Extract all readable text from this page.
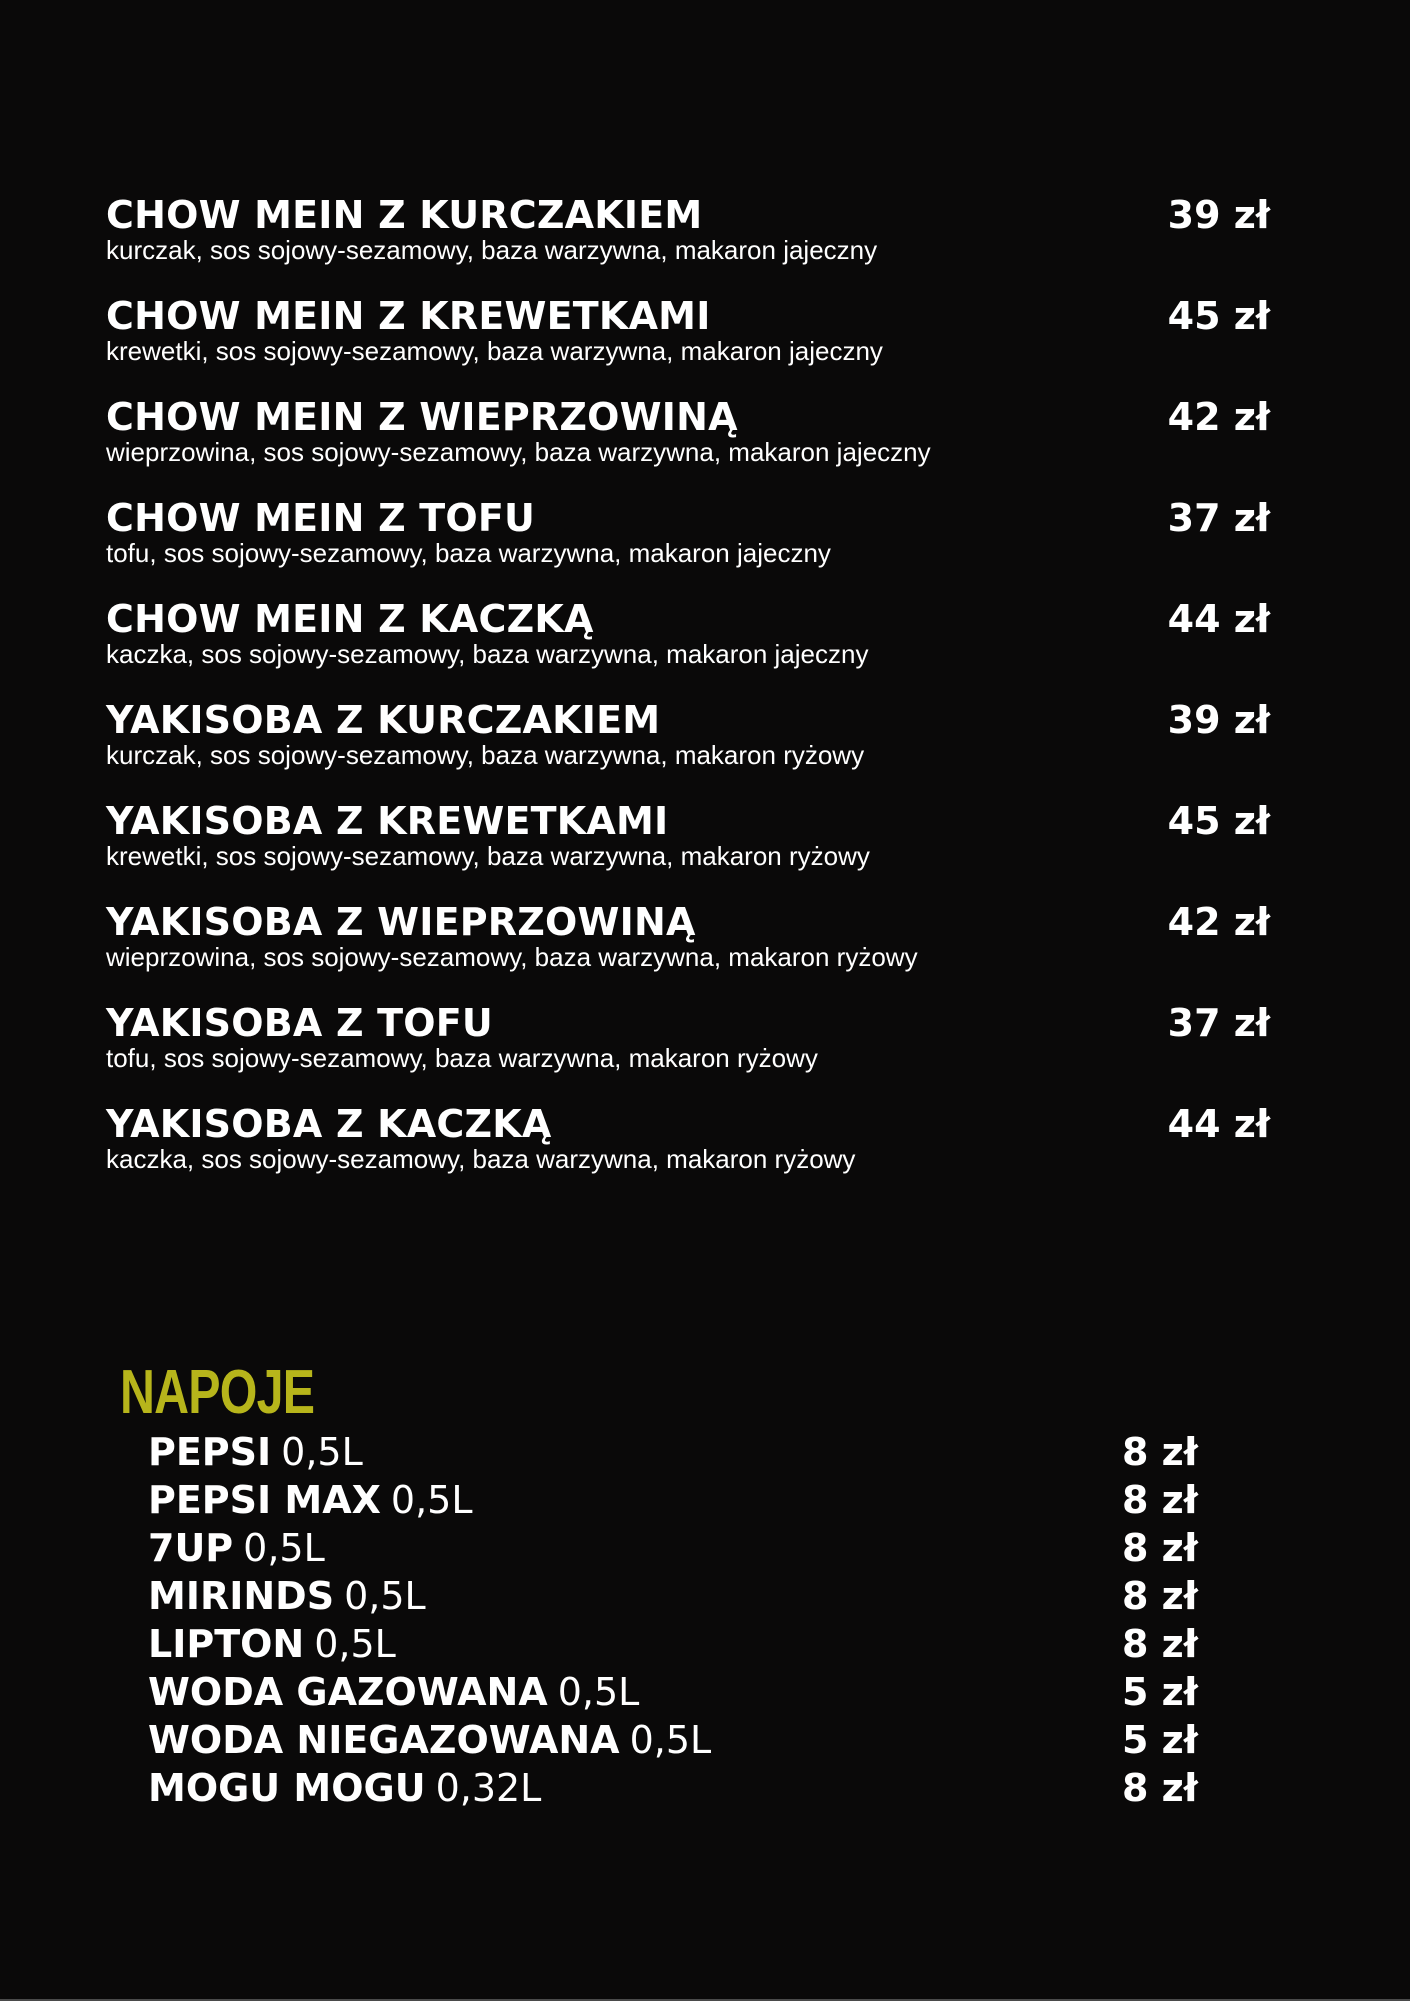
CHOW MEIN Z KURCZAKIEM
kurczak, sos sojowy-sezamowy, baza warzywna, makaron jajeczny
39 zł
CHOW MEIN Z KREWETKAMI
krewetki, sos sojowy-sezamowy, baza warzywna, makaron jajeczny
45 zł
CHOW MEIN Z WIEPRZOWINĄ
wieprzowina, sos sojowy-sezamowy, baza warzywna, makaron jajeczny
42 zł
CHOW MEIN Z TOFU
tofu, sos sojowy-sezamowy, baza warzywna, makaron jajeczny
37 zł
CHOW MEIN Z KACZKĄ
kaczka, sos sojowy-sezamowy, baza warzywna, makaron jajeczny
44 zł
YAKISOBA Z KURCZAKIEM
kurczak, sos sojowy-sezamowy, baza warzywna, makaron ryżowy
39 zł
YAKISOBA Z KREWETKAMI
krewetki, sos sojowy-sezamowy, baza warzywna, makaron ryżowy
45 zł
YAKISOBA Z WIEPRZOWINĄ
wieprzowina, sos sojowy-sezamowy, baza warzywna, makaron ryżowy
42 zł
YAKISOBA Z TOFU
tofu, sos sojowy-sezamowy, baza warzywna, makaron ryżowy
37 zł
YAKISOBA Z KACZKĄ
kaczka, sos sojowy-sezamowy, baza warzywna, makaron ryżowy
44 zł
NAPOJE
PEPSI 0,5L	8 zł
PEPSI MAX 0,5L	8 zł
7UP 0,5L	8 zł
MIRINDS 0,5L	8 zł
LIPTON 0,5L	8 zł
WODA GAZOWANA 0,5L	5 zł
WODA NIEGAZOWANA 0,5L	5 zł
MOGU MOGU 0,32L	8 zł
